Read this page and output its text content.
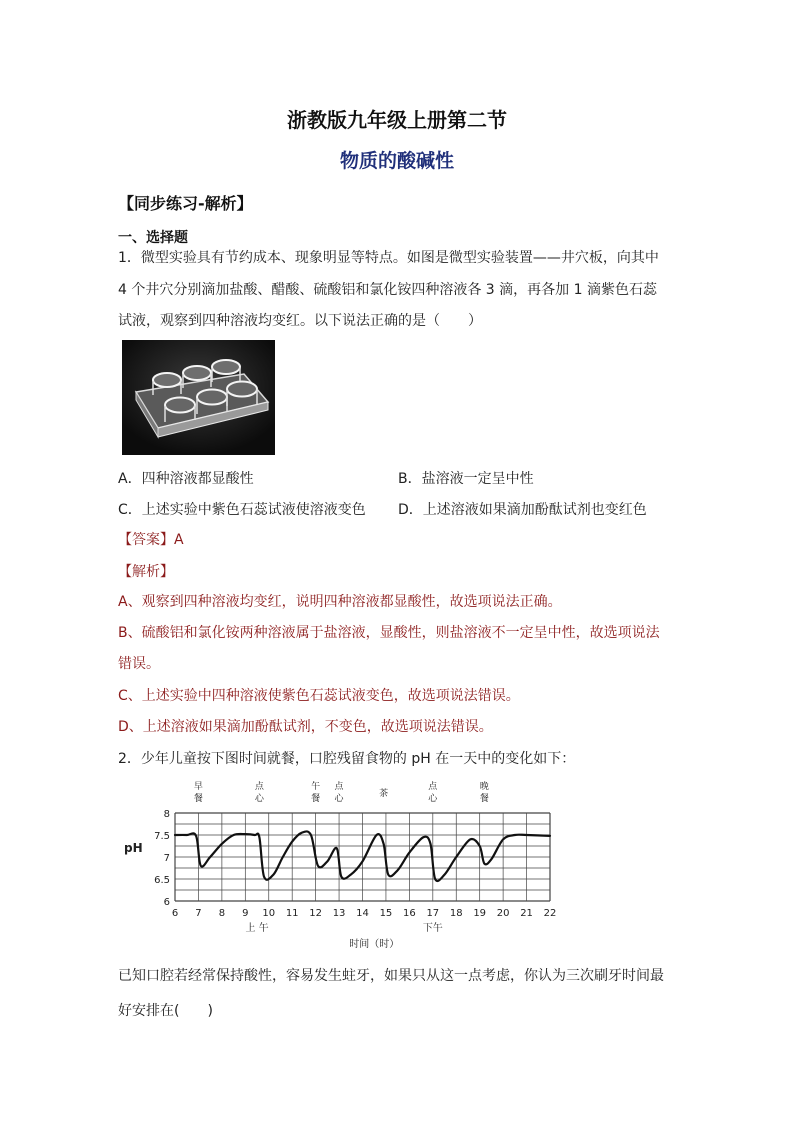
浙教版九年级上册第二节
物质的酸碱性
【同步练习-解析】
一、选择题
1．微型实验具有节约成本、现象明显等特点。如图是微型实验装置——井穴板，向其中
4 个井穴分别滴加盐酸、醋酸、硫酸铝和氯化铵四种溶液各 3 滴，再各加 1 滴紫色石蕊
试液，观察到四种溶液均变红。以下说法正确的是（　　）
A．四种溶液都显酸性	B．盐溶液一定呈中性
C．上述实验中紫色石蕊试液使溶液变色 D．上述溶液如果滴加酚酞试剂也变红色
【答案】A
【解析】
A、观察到四种溶液均变红，说明四种溶液都显酸性，故选项说法正确。
B、硫酸铝和氯化铵两种溶液属于盐溶液，显酸性，则盐溶液不一定呈中性，故选项说法
错误。
C、上述实验中四种溶液使紫色石蕊试液变色，故选项说法错误。
D、上述溶液如果滴加酚酞试剂，不变色，故选项说法错误。
2．少年儿童按下图时间就餐，口腔残留食物的 pH 在一天中的变化如下：
6 7 8 9 10 11 12 13 14 15 16 17 18 19 20 21 22
6
6.5
7
7.5
8
pH
上 午	下午
时间（时）
早餐
点心
午餐
点心	茶
点心
晚餐
已知口腔若经常保持酸性，容易发生蛀牙，如果只从这一点考虑，你认为三次刷牙时间最
好安排在(　　)
